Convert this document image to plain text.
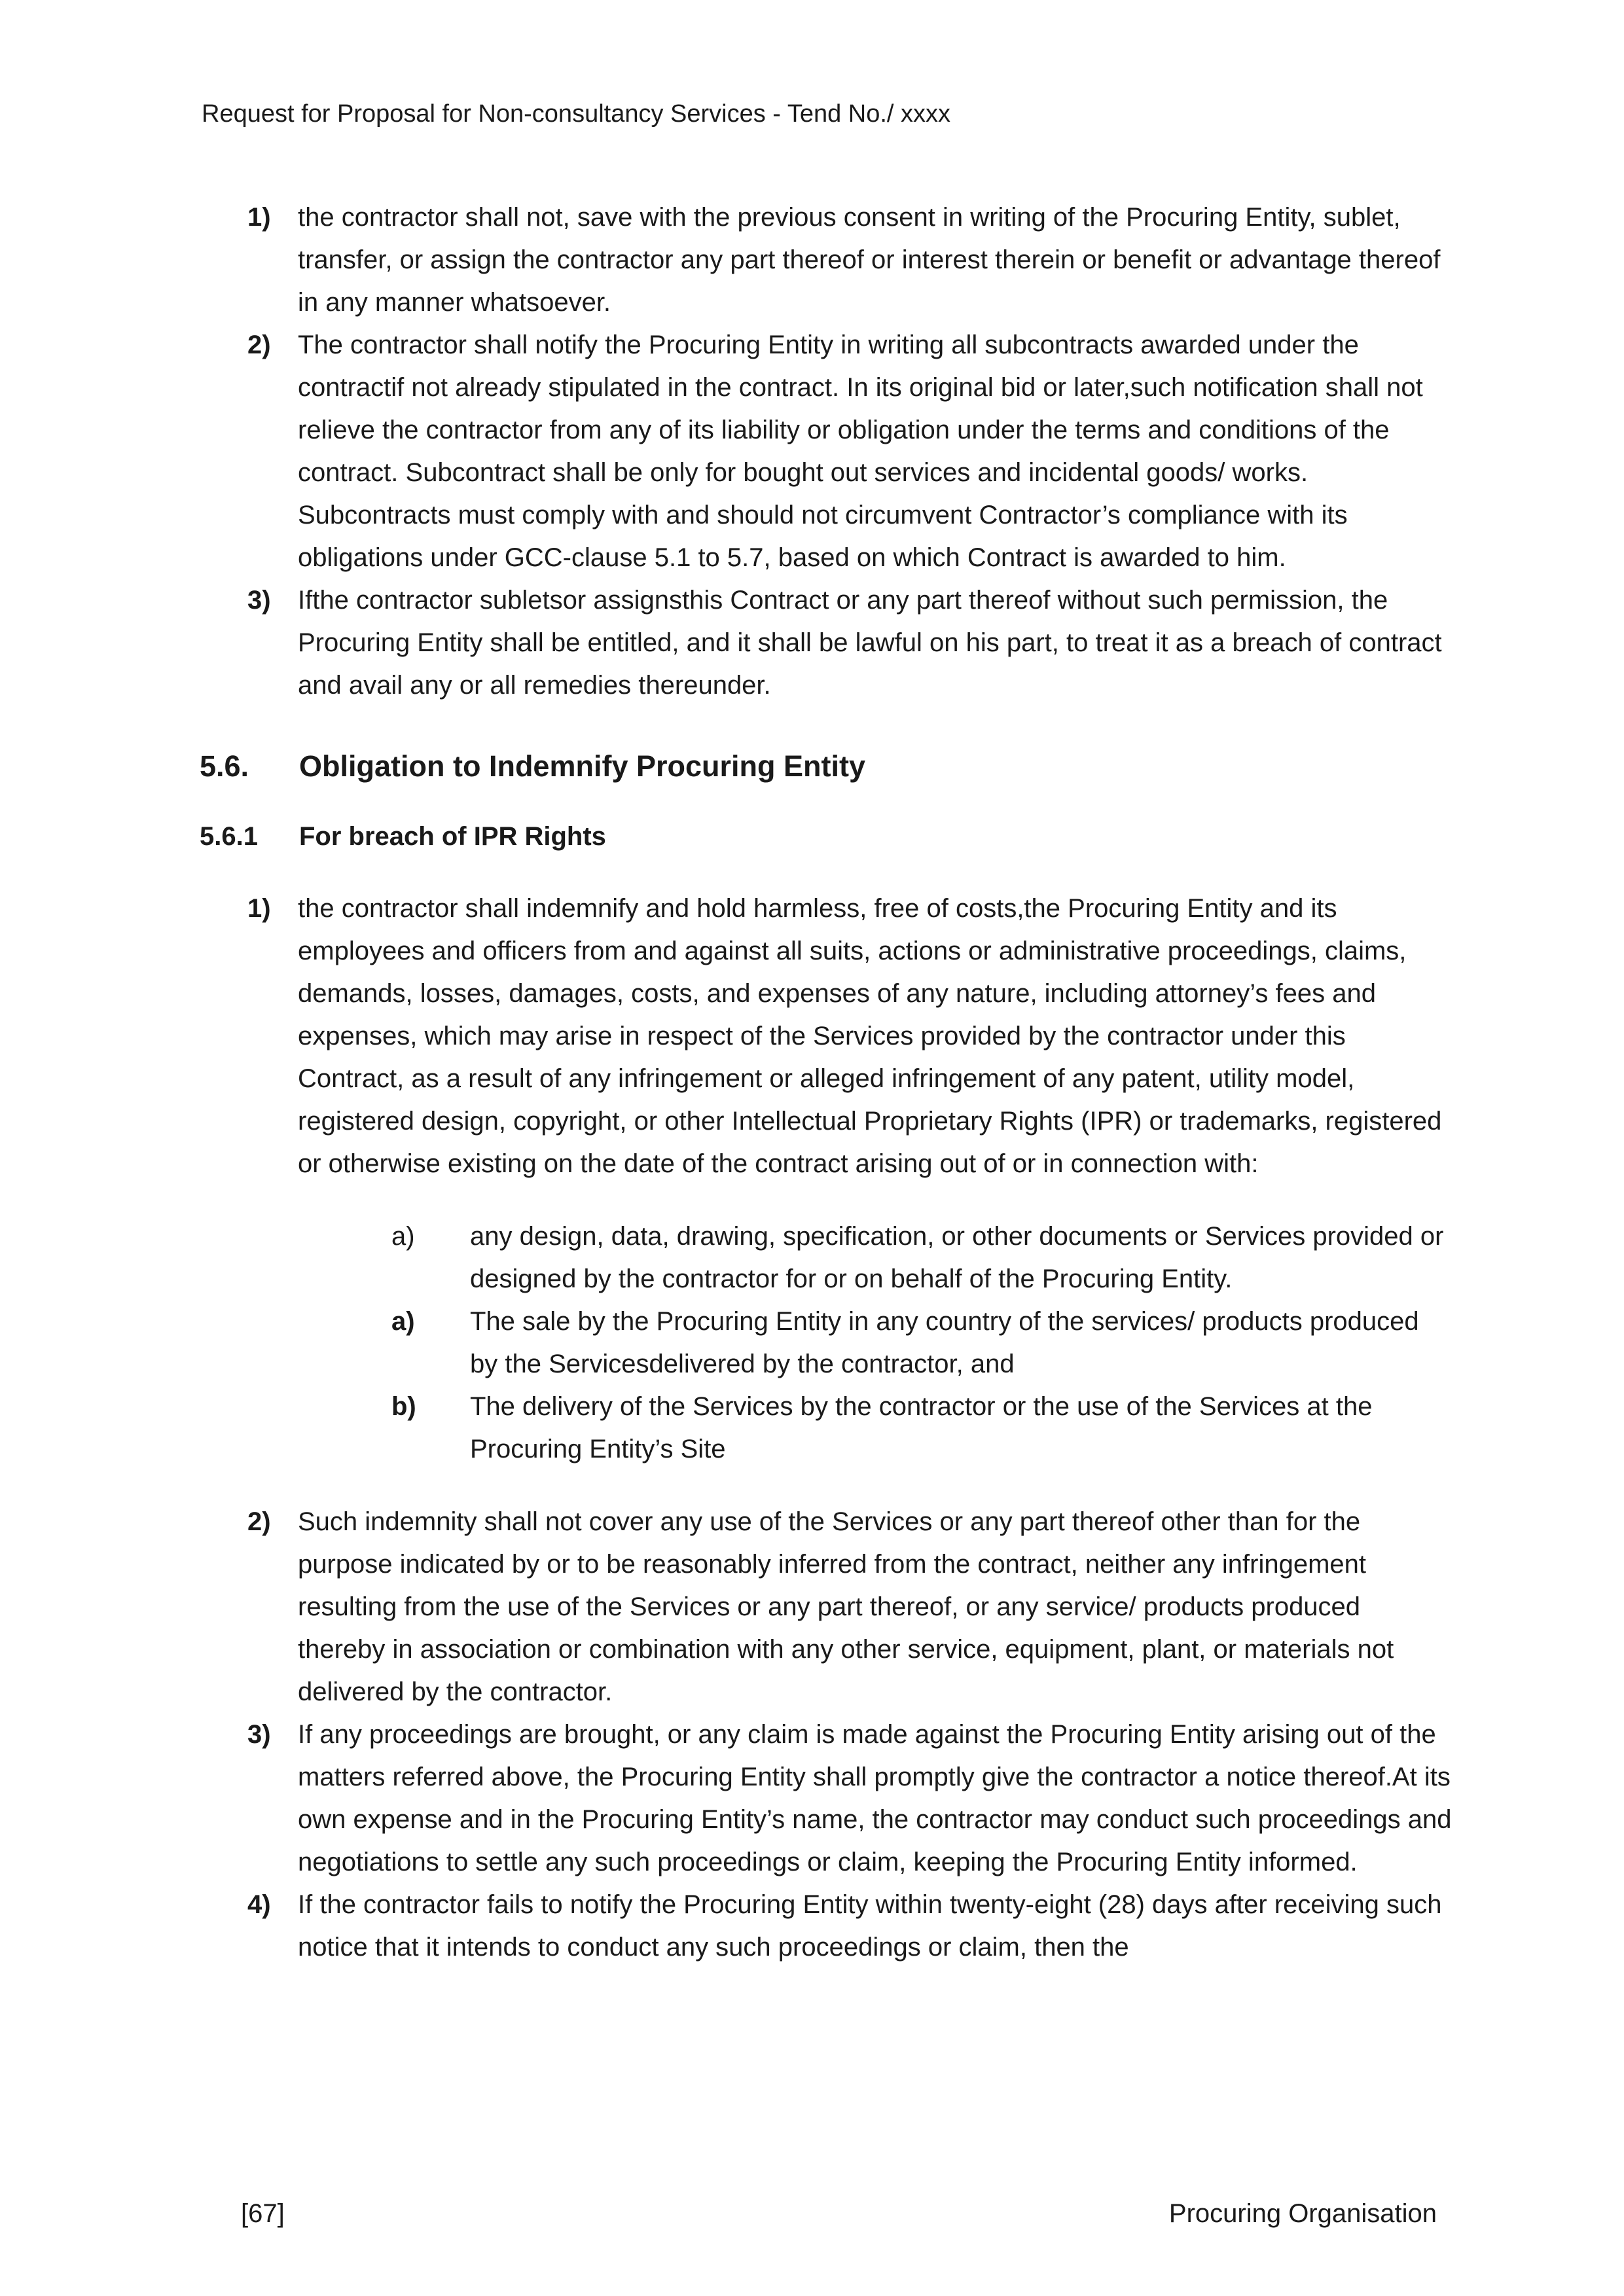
Request for Proposal for Non-consultancy Services - Tend No./ xxxx
1)	the contractor shall not, save with the previous consent in writing of the Procuring Entity, sublet, transfer, or assign the contractor any part thereof or interest therein or benefit or advantage thereof in any manner whatsoever.
2)	The contractor shall notify the Procuring Entity in writing all subcontracts awarded under the contractif not already stipulated in the contract. In its original bid or later,such notification shall not relieve the contractor from any of its liability or obligation under the terms and conditions of the contract. Subcontract shall be only for bought out services and incidental goods/ works. Subcontracts must comply with and should not circumvent Contractor’s compliance with its obligations under GCC-clause 5.1 to 5.7, based on which Contract is awarded to him.
3)	Ifthe contractor subletsor assignsthis Contract or any part thereof without such permission, the Procuring Entity shall be entitled, and it shall be lawful on his part, to treat it as a breach of contract and avail any or all remedies thereunder.
5.6.	Obligation to Indemnify Procuring Entity
5.6.1	For breach of IPR Rights
1)	the contractor shall indemnify and hold harmless, free of costs,the Procuring Entity and its employees and officers from and against all suits, actions or administrative proceedings, claims, demands, losses, damages, costs, and expenses of any nature, including attorney’s fees and expenses, which may arise in respect of the Services provided by the contractor under this Contract, as a result of any infringement or alleged infringement of any patent, utility model, registered design, copyright, or other Intellectual Proprietary Rights (IPR) or trademarks, registered or otherwise existing on the date of the contract arising out of or in connection with:
a)	any design, data, drawing, specification, or other documents or Services provided or designed by the contractor for or on behalf of the Procuring Entity.
a)	The sale by the Procuring Entity in any country of the services/ products produced by the Servicesdelivered by the contractor, and
b)	The delivery of the Services by the contractor or the use of the Services at the Procuring Entity’s Site
2)	Such indemnity shall not cover any use of the Services or any part thereof other than for the purpose indicated by or to be reasonably inferred from the contract, neither any infringement resulting from the use of the Services or any part thereof, or any service/ products produced thereby in association or combination with any other service, equipment, plant, or materials not delivered by the contractor.
3)	If any proceedings are brought, or any claim is made against the Procuring Entity arising out of the matters referred above, the Procuring Entity shall promptly give the contractor a notice thereof.At its own expense and in the Procuring Entity’s name, the contractor may conduct such proceedings and negotiations to settle any such proceedings or claim, keeping the Procuring Entity informed.
4)	If the contractor fails to notify the Procuring Entity within twenty-eight (28) days after receiving such notice that it intends to conduct any such proceedings or claim, then the
[67]	Procuring Organisation
